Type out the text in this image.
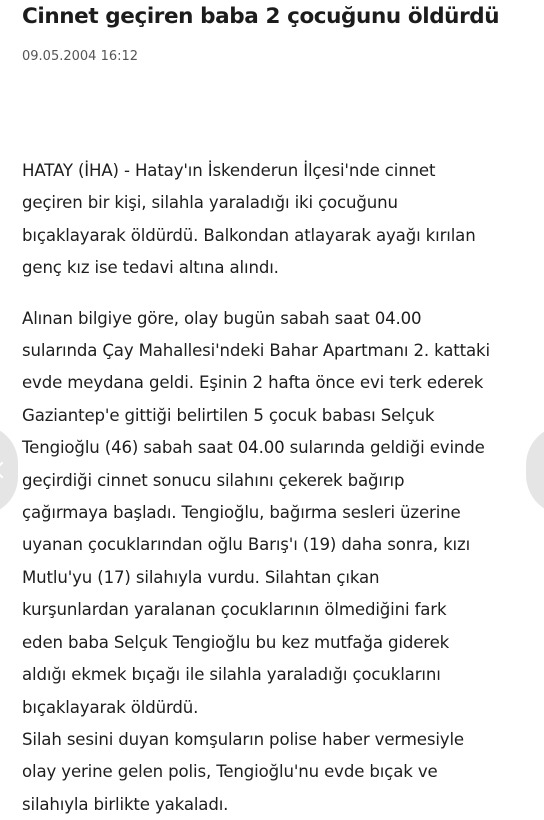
Cinnet geçiren baba 2 çocuğunu öldürdü
09.05.2004 16:12

HATAY (İHA) - Hatay'ın İskenderun İlçesi'nde cinnet
geçiren bir kişi, silahla yaraladığı iki çocuğunu
bıçaklayarak öldürdü. Balkondan atlayarak ayağı kırılan
genç kız ise tedavi altına alındı.

Alınan bilgiye göre, olay bugün sabah saat 04.00
sularında Çay Mahallesi'ndeki Bahar Apartmanı 2. kattaki
evde meydana geldi. Eşinin 2 hafta önce evi terk ederek
Gaziantep'e gittiği belirtilen 5 çocuk babası Selçuk
Tengioğlu (46) sabah saat 04.00 sularında geldiği evinde
geçirdiği cinnet sonucu silahını çekerek bağırıp
çağırmaya başladı. Tengioğlu, bağırma sesleri üzerine
uyanan çocuklarından oğlu Barış'ı (19) daha sonra, kızı
Mutlu'yu (17) silahıyla vurdu. Silahtan çıkan
kurşunlardan yaralanan çocuklarının ölmediğini fark
eden baba Selçuk Tengioğlu bu kez mutfağa giderek
aldığı ekmek bıçağı ile silahla yaraladığı çocuklarını
bıçaklayarak öldürdü.

Silah sesini duyan komşuların polise haber vermesiyle
olay yerine gelen polis, Tengioğlu'nu evde bıçak ve
silahıyla birlikte yakaladı.
